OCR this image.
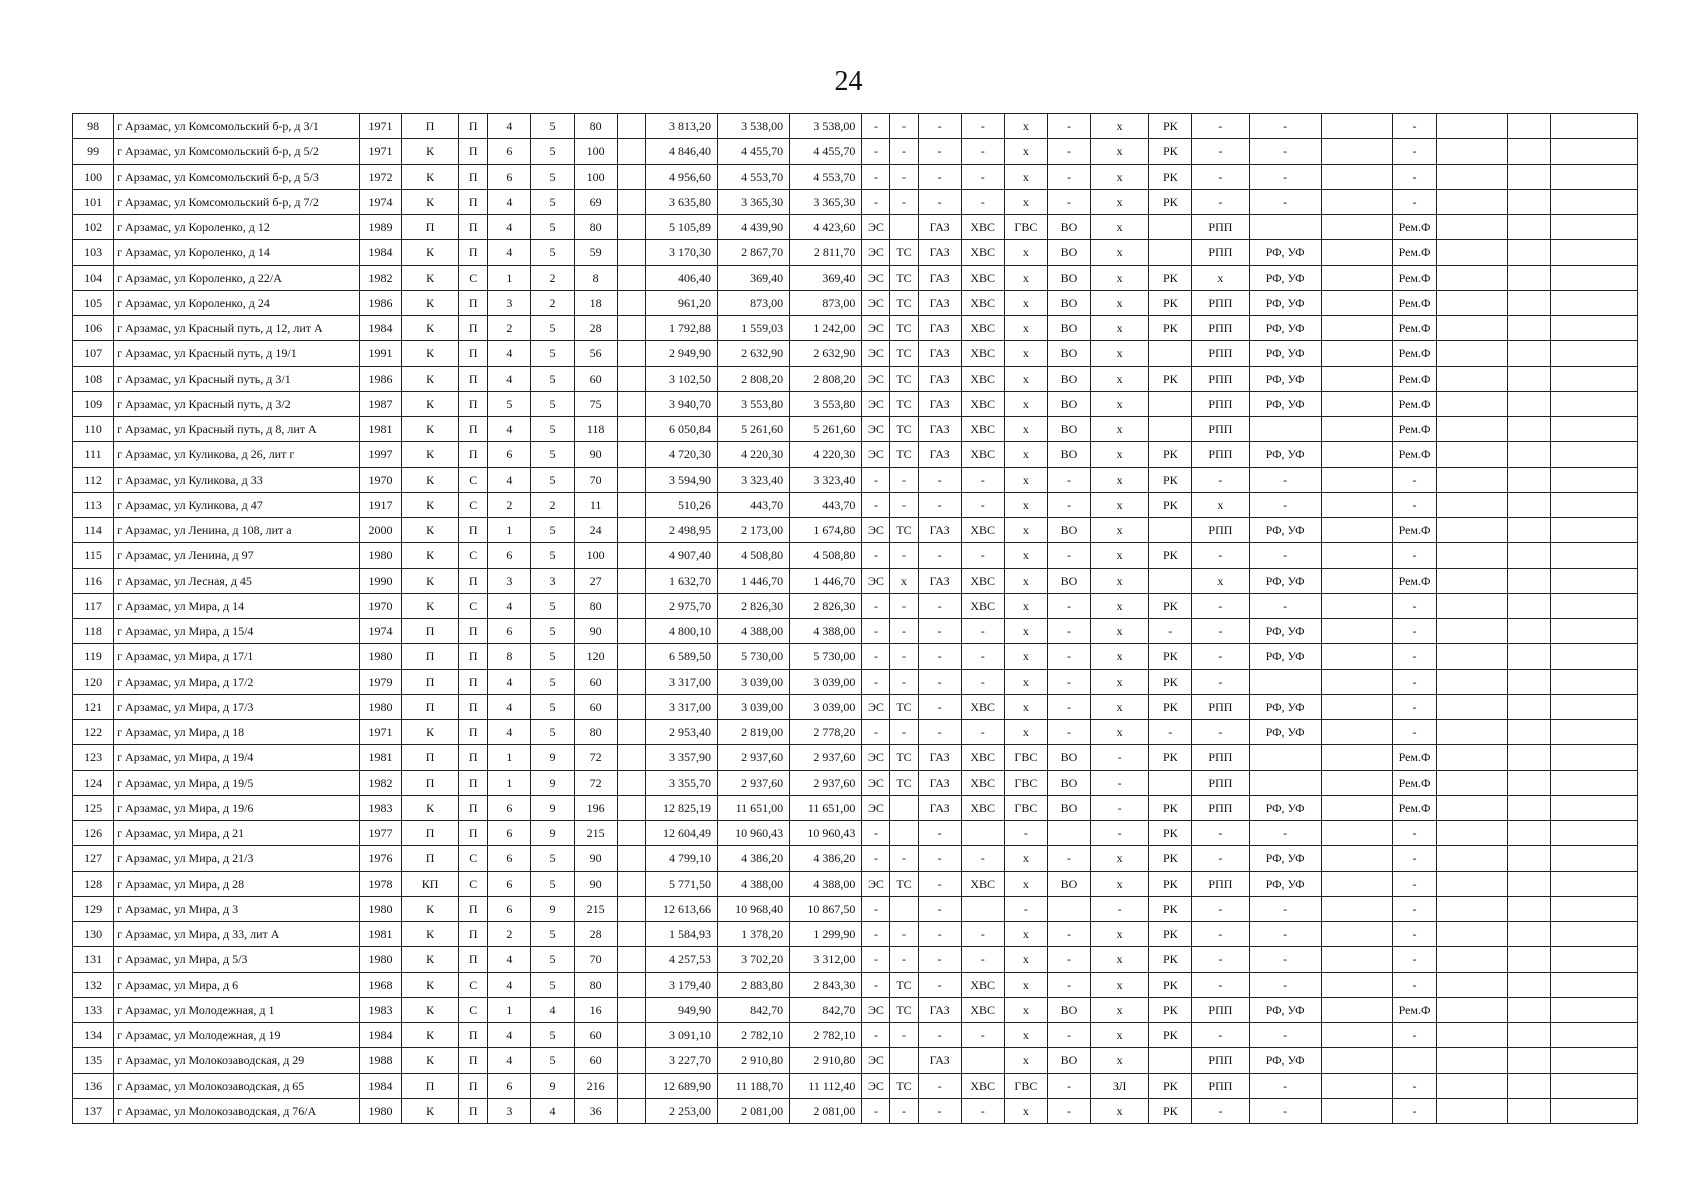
24
98	г Арзамас, ул Комсомольский б-р, д 3/1	1971	П	П	4	5	80		3 813,20	3 538,00	3 538,00	-	-	-	-	x	-	x	РК	-	-		-			
99	г Арзамас, ул Комсомольский б-р, д 5/2	1971	К	П	6	5	100		4 846,40	4 455,70	4 455,70	-	-	-	-	x	-	x	РК	-	-		-			
100	г Арзамас, ул Комсомольский б-р, д 5/3	1972	К	П	6	5	100		4 956,60	4 553,70	4 553,70	-	-	-	-	x	-	x	РК	-	-		-			
101	г Арзамас, ул Комсомольский б-р, д 7/2	1974	К	П	4	5	69		3 635,80	3 365,30	3 365,30	-	-	-	-	x	-	x	РК	-	-		-			
102	г Арзамас, ул Короленко, д 12	1989	П	П	4	5	80		5 105,89	4 439,90	4 423,60	ЭС		ГАЗ	ХВС	ГВС	ВО	x		РПП			Рем.Ф			
103	г Арзамас, ул Короленко, д 14	1984	К	П	4	5	59		3 170,30	2 867,70	2 811,70	ЭС	ТС	ГАЗ	ХВС	x	ВО	x		РПП	РФ, УФ		Рем.Ф			
104	г Арзамас, ул Короленко, д 22/А	1982	К	С	1	2	8		406,40	369,40	369,40	ЭС	ТС	ГАЗ	ХВС	x	ВО	x	РК	x	РФ, УФ		Рем.Ф			
105	г Арзамас, ул Короленко, д 24	1986	К	П	3	2	18		961,20	873,00	873,00	ЭС	ТС	ГАЗ	ХВС	x	ВО	x	РК	РПП	РФ, УФ		Рем.Ф			
106	г Арзамас, ул Красный путь, д 12, лит А	1984	К	П	2	5	28		1 792,88	1 559,03	1 242,00	ЭС	ТС	ГАЗ	ХВС	x	ВО	x	РК	РПП	РФ, УФ		Рем.Ф			
107	г Арзамас, ул Красный путь, д 19/1	1991	К	П	4	5	56		2 949,90	2 632,90	2 632,90	ЭС	ТС	ГАЗ	ХВС	x	ВО	x		РПП	РФ, УФ		Рем.Ф			
108	г Арзамас, ул Красный путь, д 3/1	1986	К	П	4	5	60		3 102,50	2 808,20	2 808,20	ЭС	ТС	ГАЗ	ХВС	x	ВО	x	РК	РПП	РФ, УФ		Рем.Ф			
109	г Арзамас, ул Красный путь, д 3/2	1987	К	П	5	5	75		3 940,70	3 553,80	3 553,80	ЭС	ТС	ГАЗ	ХВС	x	ВО	x		РПП	РФ, УФ		Рем.Ф			
110	г Арзамас, ул Красный путь, д 8, лит А	1981	К	П	4	5	118		6 050,84	5 261,60	5 261,60	ЭС	ТС	ГАЗ	ХВС	x	ВО	x		РПП			Рем.Ф			
111	г Арзамас, ул Куликова, д 26, лит г	1997	К	П	6	5	90		4 720,30	4 220,30	4 220,30	ЭС	ТС	ГАЗ	ХВС	x	ВО	x	РК	РПП	РФ, УФ		Рем.Ф			
112	г Арзамас, ул Куликова, д 33	1970	К	С	4	5	70		3 594,90	3 323,40	3 323,40	-	-	-	-	x	-	x	РК	-	-		-			
113	г Арзамас, ул Куликова, д 47	1917	К	С	2	2	11		510,26	443,70	443,70	-	-	-	-	x	-	x	РК	x	-		-			
114	г Арзамас, ул Ленина, д 108, лит а	2000	К	П	1	5	24		2 498,95	2 173,00	1 674,80	ЭС	ТС	ГАЗ	ХВС	x	ВО	x		РПП	РФ, УФ		Рем.Ф			
115	г Арзамас, ул Ленина, д 97	1980	К	С	6	5	100		4 907,40	4 508,80	4 508,80	-	-	-	-	x	-	x	РК	-	-		-			
116	г Арзамас, ул Лесная, д 45	1990	К	П	3	3	27		1 632,70	1 446,70	1 446,70	ЭС	x	ГАЗ	ХВС	x	ВО	x		x	РФ, УФ		Рем.Ф			
117	г Арзамас, ул Мира, д 14	1970	К	С	4	5	80		2 975,70	2 826,30	2 826,30	-	-	-	ХВС	x	-	x	РК	-	-		-			
118	г Арзамас, ул Мира, д 15/4	1974	П	П	6	5	90		4 800,10	4 388,00	4 388,00	-	-	-	-	x	-	x	-	-	РФ, УФ		-			
119	г Арзамас, ул Мира, д 17/1	1980	П	П	8	5	120		6 589,50	5 730,00	5 730,00	-	-	-	-	x	-	x	РК	-	РФ, УФ		-			
120	г Арзамас, ул Мира, д 17/2	1979	П	П	4	5	60		3 317,00	3 039,00	3 039,00	-	-	-	-	x	-	x	РК	-			-			
121	г Арзамас, ул Мира, д 17/3	1980	П	П	4	5	60		3 317,00	3 039,00	3 039,00	ЭС	ТС	-	ХВС	x	-	x	РК	РПП	РФ, УФ		-			
122	г Арзамас, ул Мира, д 18	1971	К	П	4	5	80		2 953,40	2 819,00	2 778,20	-	-	-	-	x	-	x	-	-	РФ, УФ		-			
123	г Арзамас, ул Мира, д 19/4	1981	П	П	1	9	72		3 357,90	2 937,60	2 937,60	ЭС	ТС	ГАЗ	ХВС	ГВС	ВО	-	РК	РПП			Рем.Ф			
124	г Арзамас, ул Мира, д 19/5	1982	П	П	1	9	72		3 355,70	2 937,60	2 937,60	ЭС	ТС	ГАЗ	ХВС	ГВС	ВО	-		РПП			Рем.Ф			
125	г Арзамас, ул Мира, д 19/6	1983	К	П	6	9	196		12 825,19	11 651,00	11 651,00	ЭС		ГАЗ	ХВС	ГВС	ВО	-	РК	РПП	РФ, УФ		Рем.Ф			
126	г Арзамас, ул Мира, д 21	1977	П	П	6	9	215		12 604,49	10 960,43	10 960,43	-		-		-		-	РК	-	-		-			
127	г Арзамас, ул Мира, д 21/3	1976	П	С	6	5	90		4 799,10	4 386,20	4 386,20	-	-	-	-	x	-	x	РК	-	РФ, УФ		-			
128	г Арзамас, ул Мира, д 28	1978	КП	С	6	5	90		5 771,50	4 388,00	4 388,00	ЭС	ТС	-	ХВС	x	ВО	x	РК	РПП	РФ, УФ		-			
129	г Арзамас, ул Мира, д 3	1980	К	П	6	9	215		12 613,66	10 968,40	10 867,50	-		-		-		-	РК	-	-		-			
130	г Арзамас, ул Мира, д 33, лит А	1981	К	П	2	5	28		1 584,93	1 378,20	1 299,90	-	-	-	-	x	-	x	РК	-	-		-			
131	г Арзамас, ул Мира, д 5/3	1980	К	П	4	5	70		4 257,53	3 702,20	3 312,00	-	-	-	-	x	-	x	РК	-	-		-			
132	г Арзамас, ул Мира, д 6	1968	К	С	4	5	80		3 179,40	2 883,80	2 843,30	-	ТС	-	ХВС	x	-	x	РК	-	-		-			
133	г Арзамас, ул Молодежная, д 1	1983	К	С	1	4	16		949,90	842,70	842,70	ЭС	ТС	ГАЗ	ХВС	x	ВО	x	РК	РПП	РФ, УФ		Рем.Ф			
134	г Арзамас, ул Молодежная, д 19	1984	К	П	4	5	60		3 091,10	2 782,10	2 782,10	-	-	-	-	x	-	x	РК	-	-		-			
135	г Арзамас, ул Молокозаводская, д 29	1988	К	П	4	5	60		3 227,70	2 910,80	2 910,80	ЭС		ГАЗ		x	ВО	x		РПП	РФ, УФ					
136	г Арзамас, ул Молокозаводская, д 65	1984	П	П	6	9	216		12 689,90	11 188,70	11 112,40	ЭС	ТС	-	ХВС	ГВС	-	ЗЛ	РК	РПП	-		-			
137	г Арзамас, ул Молокозаводская, д 76/А	1980	К	П	3	4	36		2 253,00	2 081,00	2 081,00	-	-	-	-	x	-	x	РК	-	-		-			
